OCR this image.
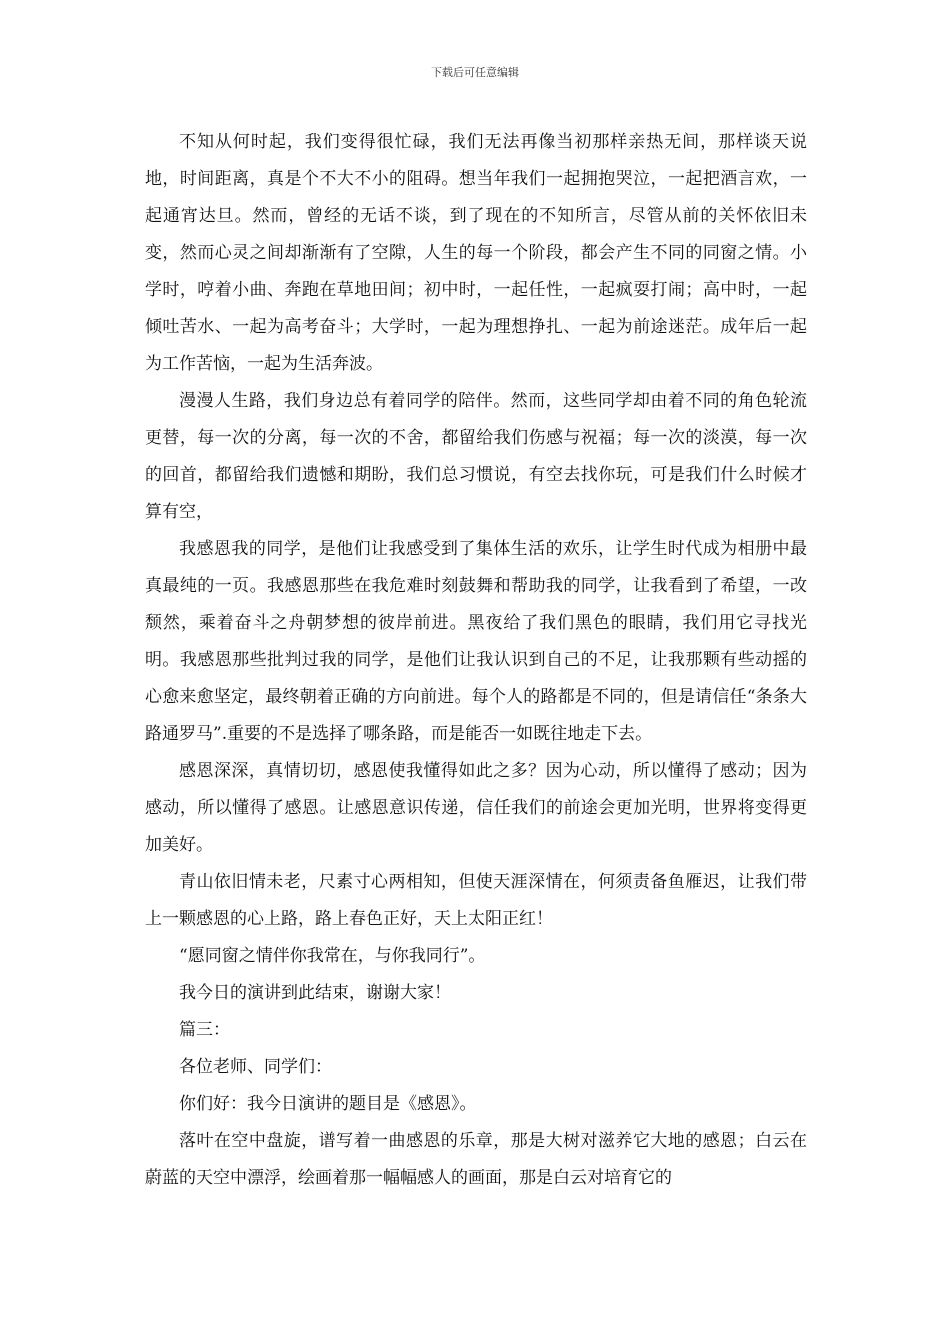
下载后可任意编辑

不知从何时起，我们变得很忙碌，我们无法再像当初那样亲热无间，那样谈天说地，时间距离，真是个不大不小的阻碍。想当年我们一起拥抱哭泣，一起把酒言欢，一起通宵达旦。然而，曾经的无话不谈，到了现在的不知所言，尽管从前的关怀依旧未变，然而心灵之间却渐渐有了空隙，人生的每一个阶段，都会产生不同的同窗之情。小学时，哼着小曲、奔跑在草地田间；初中时，一起任性，一起疯耍打闹；高中时，一起倾吐苦水、一起为高考奋斗；大学时，一起为理想挣扎、一起为前途迷茫。成年后一起为工作苦恼，一起为生活奔波。

漫漫人生路，我们身边总有着同学的陪伴。然而，这些同学却由着不同的角色轮流更替，每一次的分离，每一次的不舍，都留给我们伤感与祝福；每一次的淡漠，每一次的回首，都留给我们遗憾和期盼，我们总习惯说，有空去找你玩，可是我们什么时候才算有空，

我感恩我的同学，是他们让我感受到了集体生活的欢乐，让学生时代成为相册中最真最纯的一页。我感恩那些在我危难时刻鼓舞和帮助我的同学，让我看到了希望，一改颓然，乘着奋斗之舟朝梦想的彼岸前进。黑夜给了我们黑色的眼睛，我们用它寻找光明。我感恩那些批判过我的同学，是他们让我认识到自己的不足，让我那颗有些动摇的心愈来愈坚定，最终朝着正确的方向前进。每个人的路都是不同的，但是请信任“条条大路通罗马”.重要的不是选择了哪条路，而是能否一如既往地走下去。

感恩深深，真情切切，感恩使我懂得如此之多？因为心动，所以懂得了感动；因为感动，所以懂得了感恩。让感恩意识传递，信任我们的前途会更加光明，世界将变得更加美好。

青山依旧情未老，尺素寸心两相知，但使天涯深情在，何须责备鱼雁迟，让我们带上一颗感恩的心上路，路上春色正好，天上太阳正红！

“愿同窗之情伴你我常在，与你我同行”。

我今日的演讲到此结束，谢谢大家！

篇三：

各位老师、同学们：

你们好：我今日演讲的题目是《感恩》。

落叶在空中盘旋，谱写着一曲感恩的乐章，那是大树对滋养它大地的感恩；白云在蔚蓝的天空中漂浮，绘画着那一幅幅感人的画面，那是白云对培育它的
